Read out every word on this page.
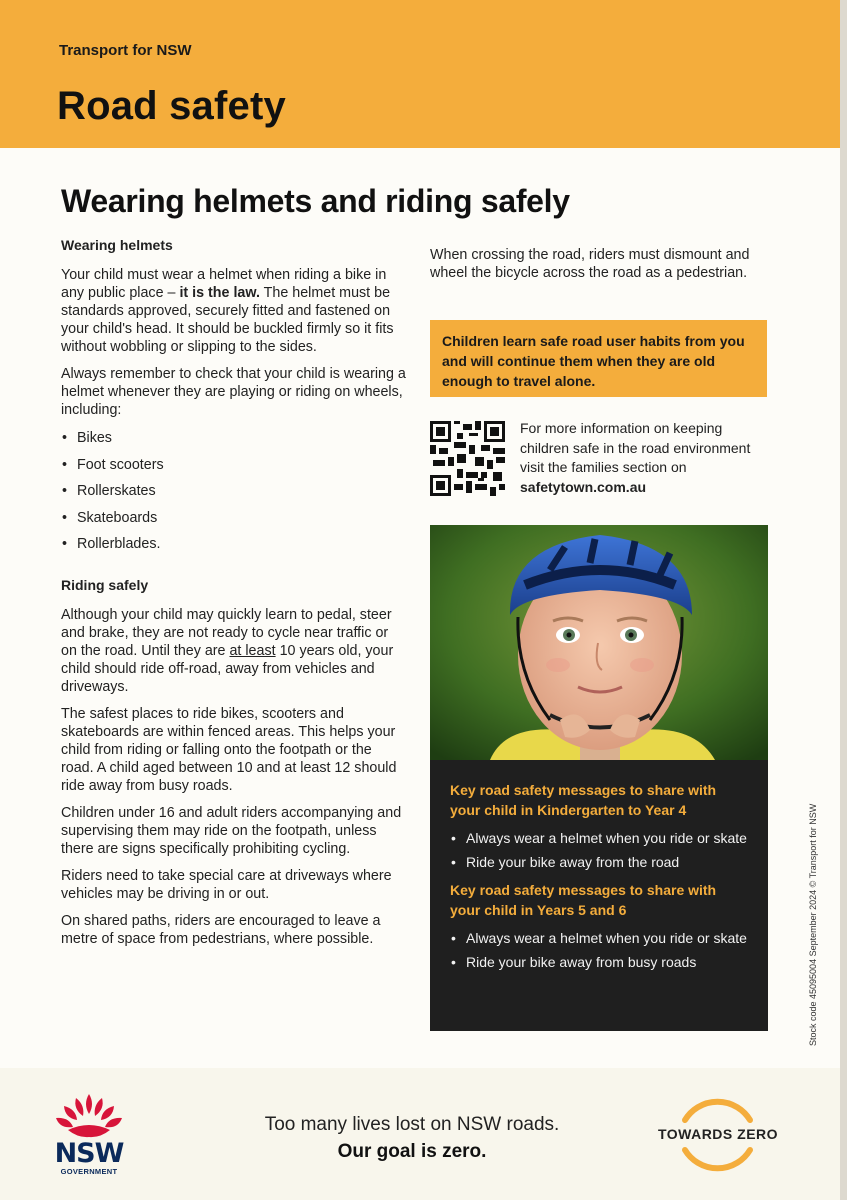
Transport for NSW
Road safety
Wearing helmets and riding safely
Wearing helmets

Your child must wear a helmet when riding a bike in any public place – it is the law. The helmet must be standards approved, securely fitted and fastened on your child's head. It should be buckled firmly so it fits without wobbling or slipping to the sides.

Always remember to check that your child is wearing a helmet whenever they are playing or riding on wheels, including:

• Bikes
• Foot scooters
• Rollerskates
• Skateboards
• Rollerblades.
Riding safely

Although your child may quickly learn to pedal, steer and brake, they are not ready to cycle near traffic or on the road. Until they are at least 10 years old, your child should ride off-road, away from vehicles and driveways.

The safest places to ride bikes, scooters and skateboards are within fenced areas. This helps your child from riding or falling onto the footpath or the road. A child aged between 10 and at least 12 should ride away from busy roads.

Children under 16 and adult riders accompanying and supervising them may ride on the footpath, unless there are signs specifically prohibiting cycling.

Riders need to take special care at driveways where vehicles may be driving in or out.

On shared paths, riders are encouraged to leave a metre of space from pedestrians, where possible.

When crossing the road, riders must dismount and wheel the bicycle across the road as a pedestrian.
Children learn safe road user habits from you and will continue them when they are old enough to travel alone.
For more information on keeping children safe in the road environment visit the families section on safetytown.com.au
Key road safety messages to share with your child in Kindergarten to Year 4
• Always wear a helmet when you ride or skate
• Ride your bike away from the road
Key road safety messages to share with your child in Years 5 and 6
• Always wear a helmet when you ride or skate
• Ride your bike away from busy roads	Stock code 45095004 September 2024 © Transport for NSW
NSW
GOVERNMENT
Too many lives lost on NSW roads.
Our goal is zero.
TOWARDS ZERO
